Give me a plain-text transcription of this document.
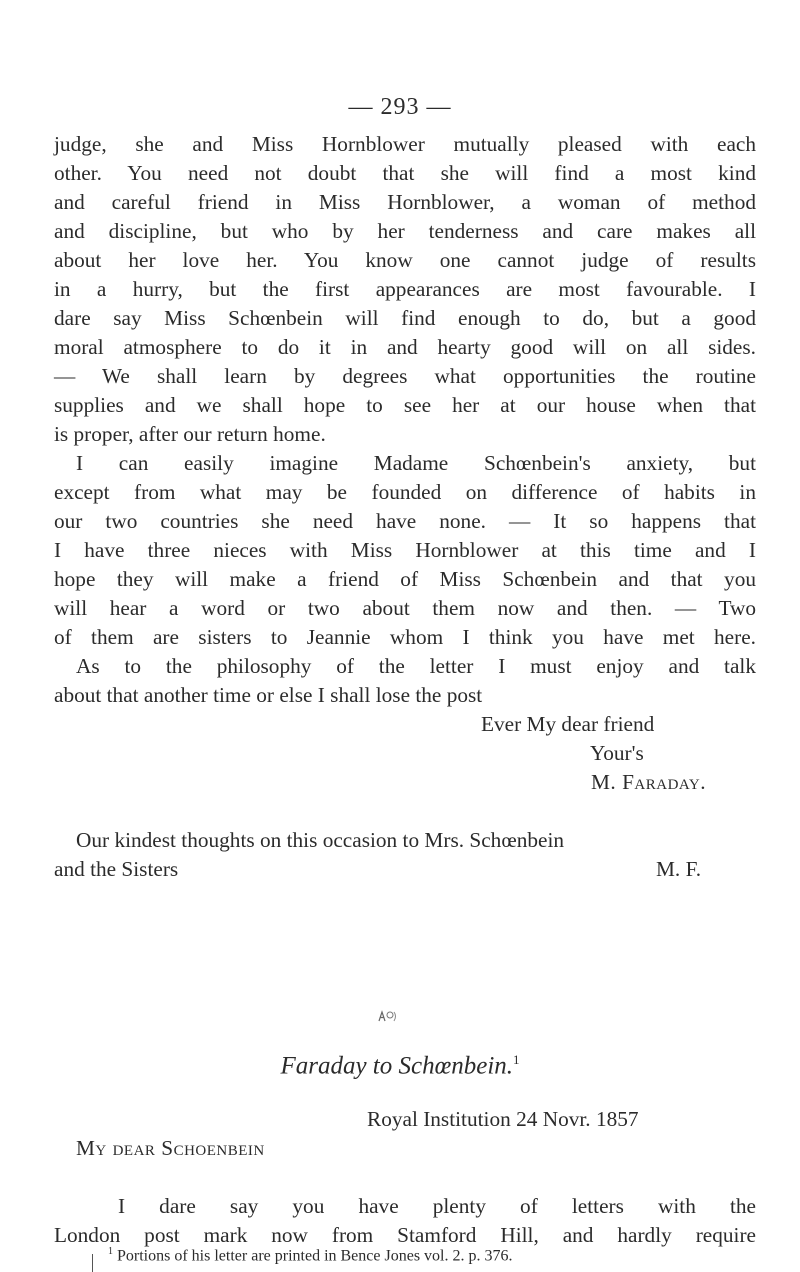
— 293 —
judge, she and Miss Hornblower mutually pleased with each
other. You need not doubt that she will find a most kind
and careful friend in Miss Hornblower, a woman of method
and discipline, but who by her tenderness and care makes all
about her love her. You know one cannot judge of results
in a hurry, but the first appearances are most favourable. I
dare say Miss Schœnbein will find enough to do, but a good
moral atmosphere to do it in and hearty good will on all sides.
— We shall learn by degrees what opportunities the routine
supplies and we shall hope to see her at our house when that
is proper, after our return home.
I can easily imagine Madame Schœnbein's anxiety, but
except from what may be founded on difference of habits in
our two countries she need have none. — It so happens that
I have three nieces with Miss Hornblower at this time and I
hope they will make a friend of Miss Schœnbein and that you
will hear a word or two about them now and then. — Two
of them are sisters to Jeannie whom I think you have met here.
As to the philosophy of the letter I must enjoy and talk
about that another time or else I shall lose the post
Ever My dear friend
Your's
M. Faraday.
Our kindest thoughts on this occasion to Mrs. Schœnbein
and the Sisters	M. F.
Faraday to Schœnbein.$^1$
Royal Institution 24 Novr. 1857
My dear Schoenbein
I dare say you have plenty of letters with the
London post mark now from Stamford Hill, and hardly require
$^1$ Portions of his letter are printed in Bence Jones vol. 2. p. 376.
